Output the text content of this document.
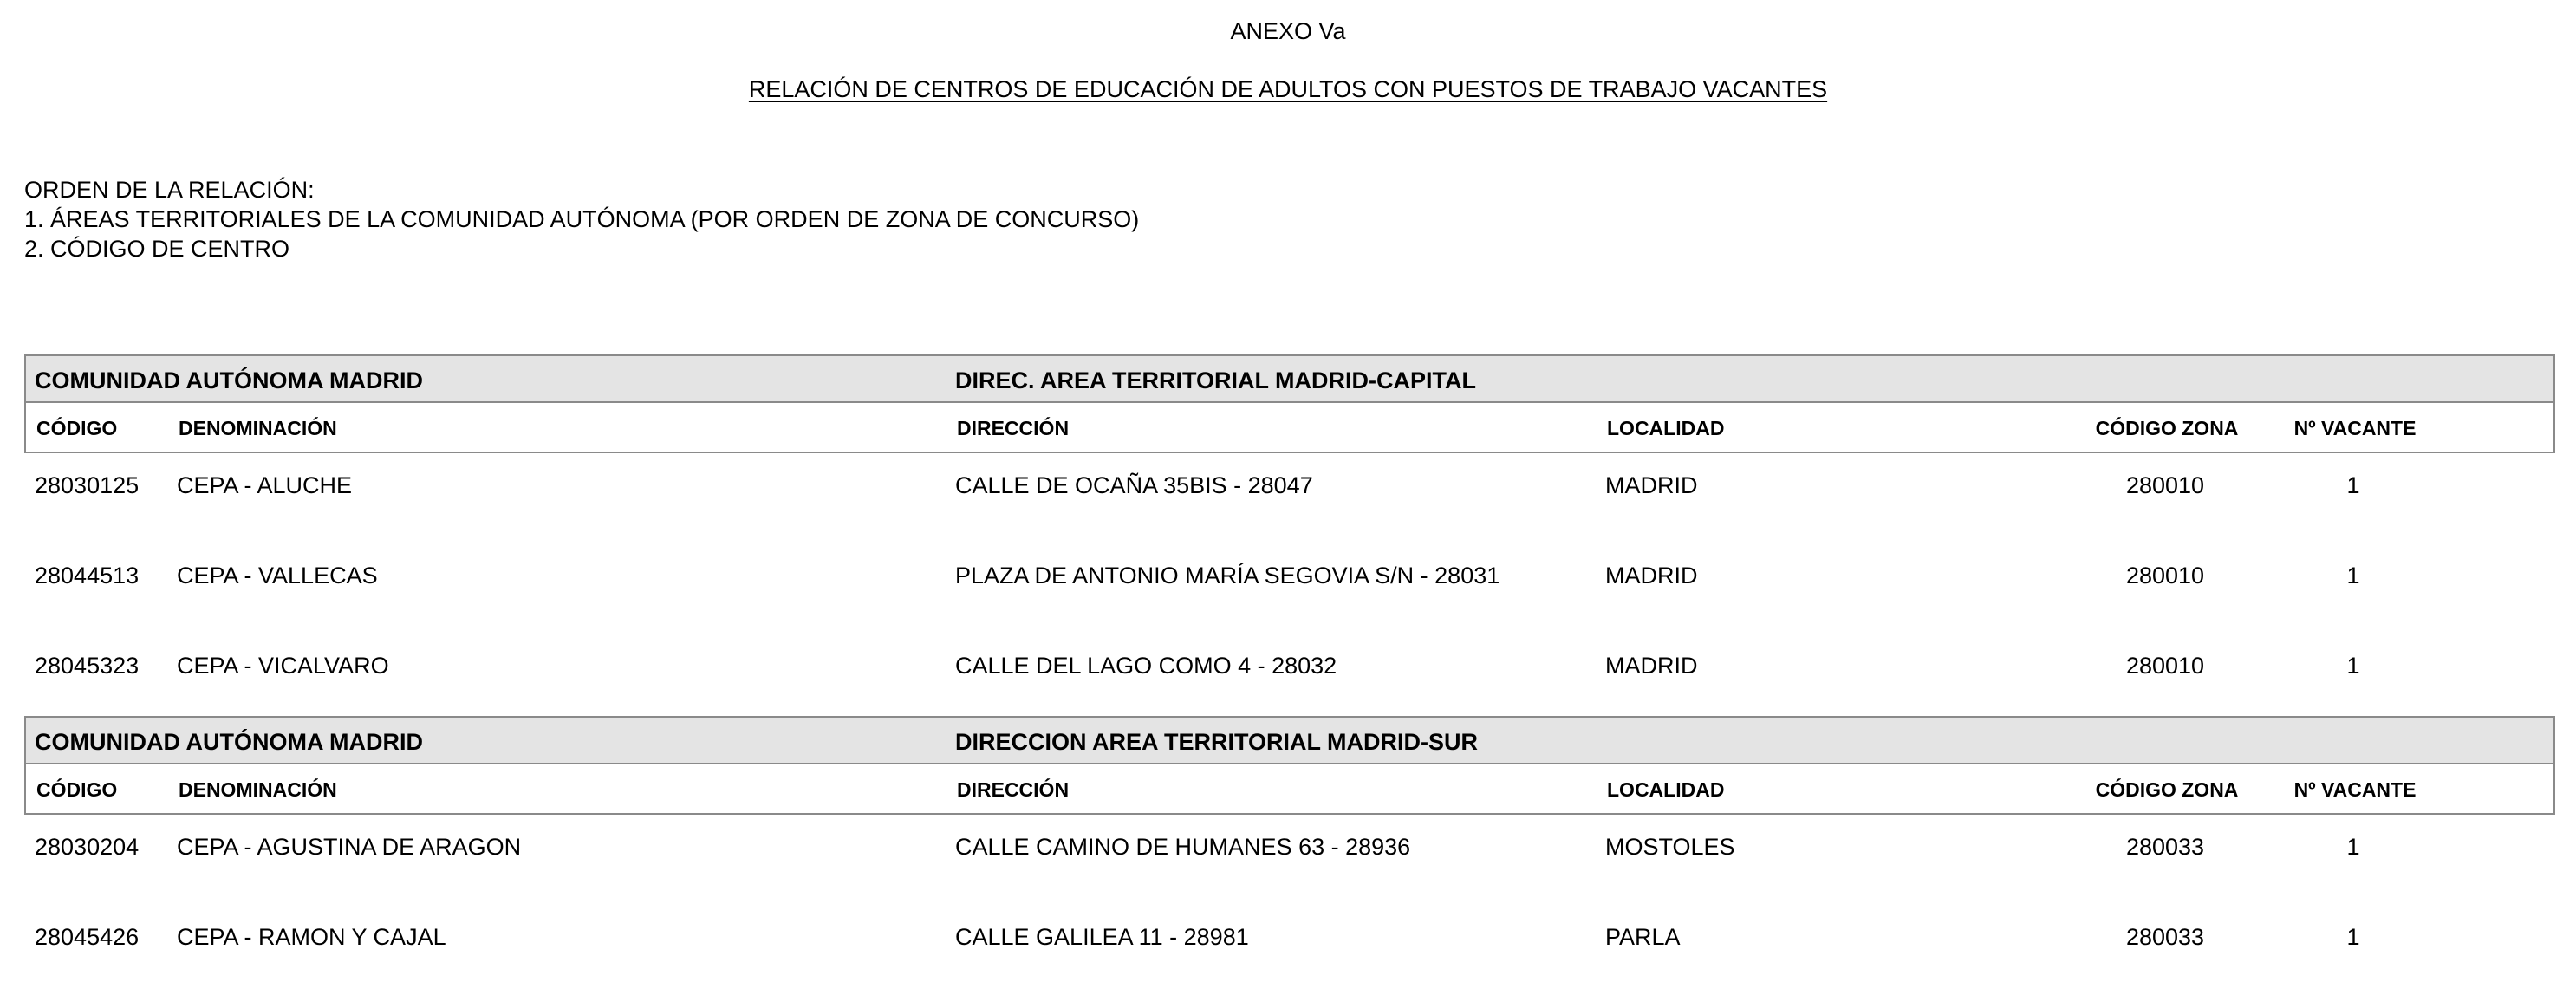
ANEXO Va
RELACIÓN DE CENTROS DE EDUCACIÓN DE ADULTOS CON PUESTOS DE TRABAJO VACANTES
ORDEN DE LA RELACIÓN:
1. ÁREAS TERRITORIALES DE LA COMUNIDAD AUTÓNOMA (POR ORDEN DE ZONA DE CONCURSO)
2. CÓDIGO DE CENTRO
COMUNIDAD AUTÓNOMA MADRID	DIREC. AREA TERRITORIAL MADRID-CAPITAL
CÓDIGO	DENOMINACIÓN	DIRECCIÓN	LOCALIDAD	CÓDIGO ZONA	Nº VACANTE
28030125 CEPA - ALUCHE	CALLE DE OCAÑA 35BIS - 28047	MADRID	280010	1
28044513 CEPA - VALLECAS	PLAZA DE ANTONIO MARÍA SEGOVIA S/N - 28031	MADRID	280010	1
28045323 CEPA - VICALVARO	CALLE DEL LAGO COMO 4 - 28032	MADRID	280010	1
COMUNIDAD AUTÓNOMA MADRID	DIRECCION AREA TERRITORIAL MADRID-SUR
CÓDIGO	DENOMINACIÓN	DIRECCIÓN	LOCALIDAD	CÓDIGO ZONA	Nº VACANTE
28030204 CEPA - AGUSTINA DE ARAGON	CALLE CAMINO DE HUMANES 63 - 28936	MOSTOLES	280033	1
28045426 CEPA - RAMON Y CAJAL	CALLE GALILEA 11 - 28981	PARLA	280033	1
